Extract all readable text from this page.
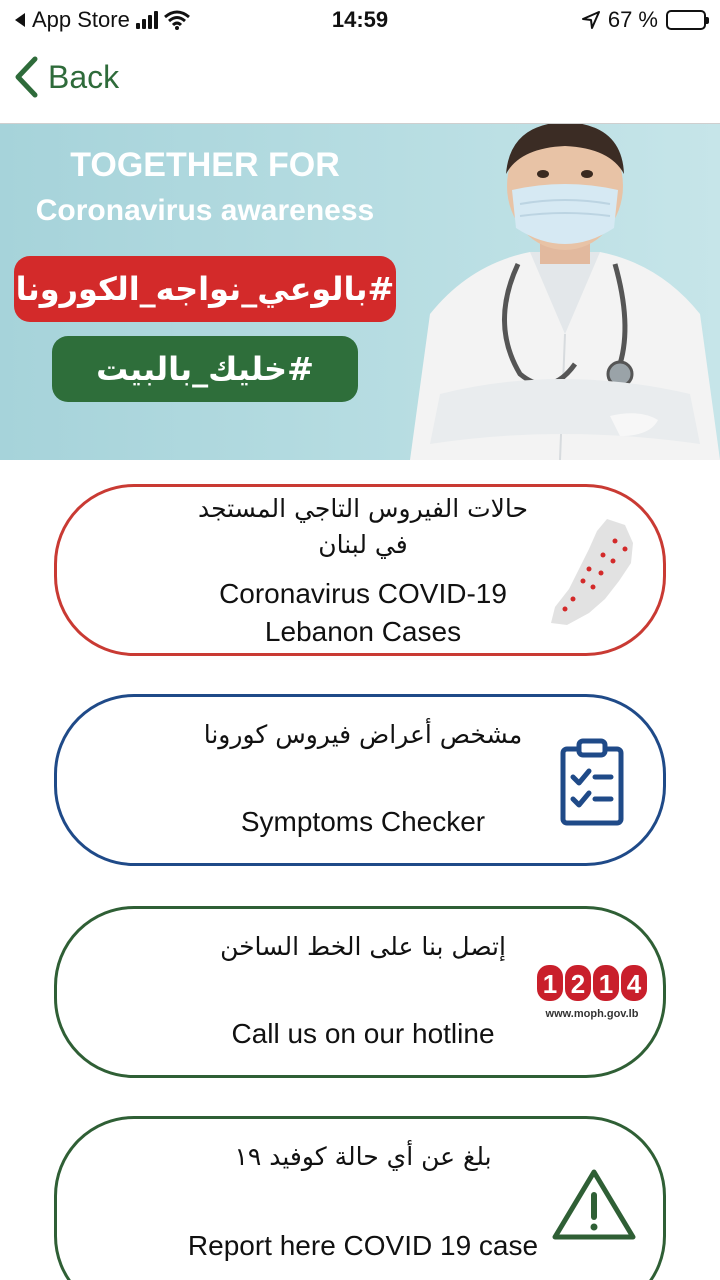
App Store	14:59	67 %
Back
TOGETHER FOR
Coronavirus awareness
#بالوعي_نواجه_الكورونا
#خليك_بالبيت
حالات الفيروس التاجي المستجد
في لبنان
Coronavirus COVID-19
Lebanon Cases
مشخص أعراض فيروس كورونا
Symptoms Checker
إتصل بنا على الخط الساخن
Call us on our hotline
1 2 1 4
www.moph.gov.lb
بلغ عن أي حالة كوفيد ١٩
Report here COVID 19 case
